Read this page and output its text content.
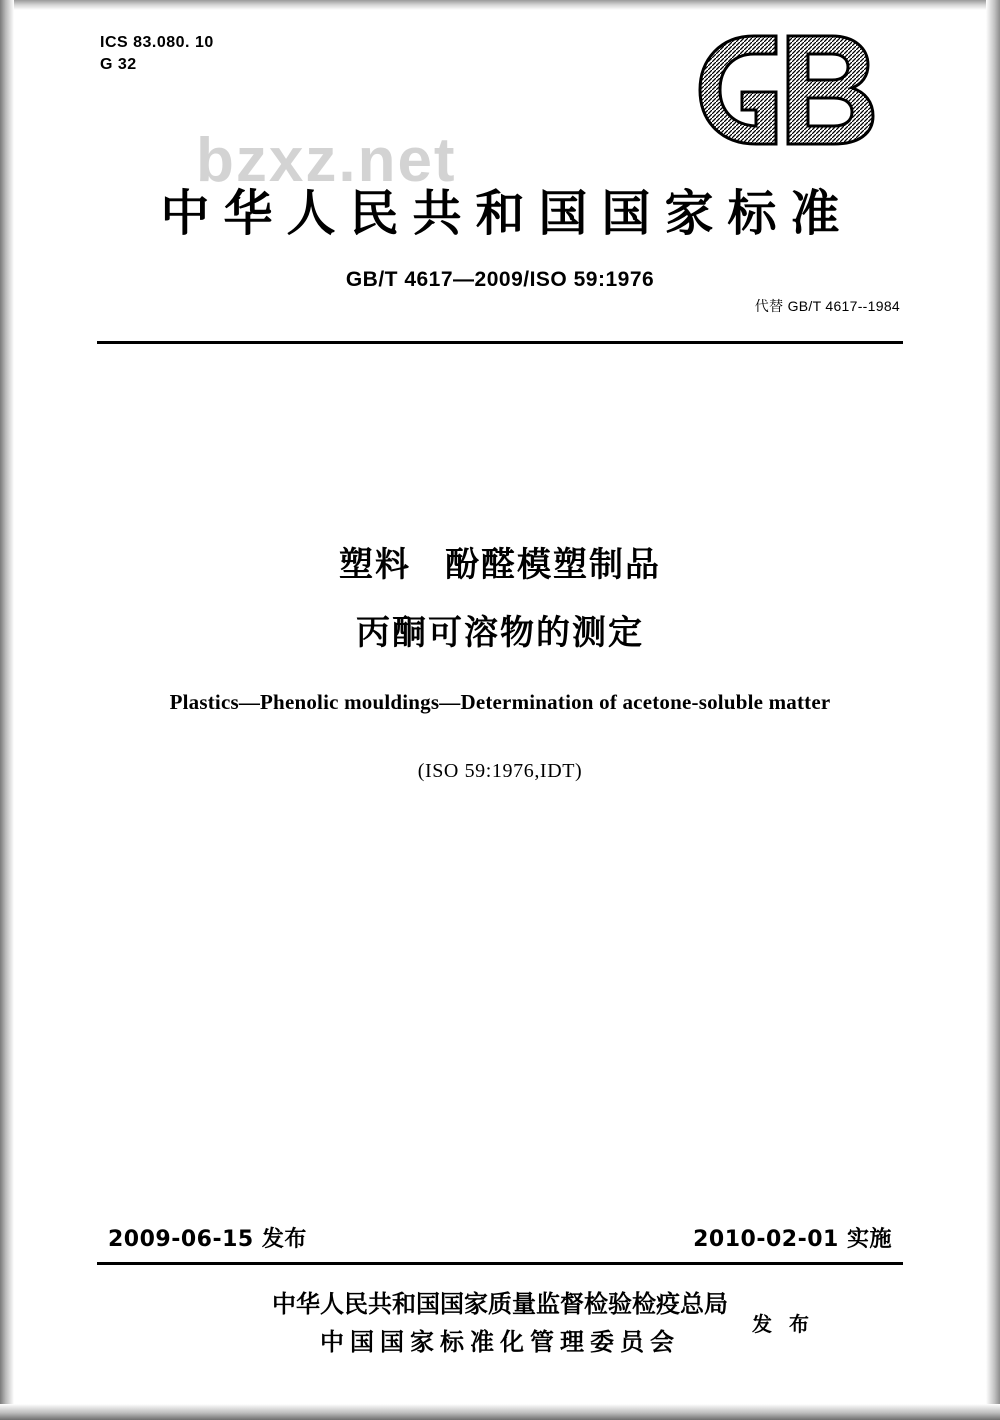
ICS 83.080. 10
G 32
bzxz.net
中华人民共和国国家标准
GB/T 4617—2009/ISO 59:1976
代替 GB/T 4617--1984
塑料 酚醛模塑制品
丙酮可溶物的测定
Plastics—Phenolic mouldings—Determination of acetone-soluble matter
(ISO 59:1976,IDT)
2009-06-15 发布	2010-02-01 实施
中华人民共和国国家质量监督检验检疫总局
中国国家标准化管理委员会
发 布
